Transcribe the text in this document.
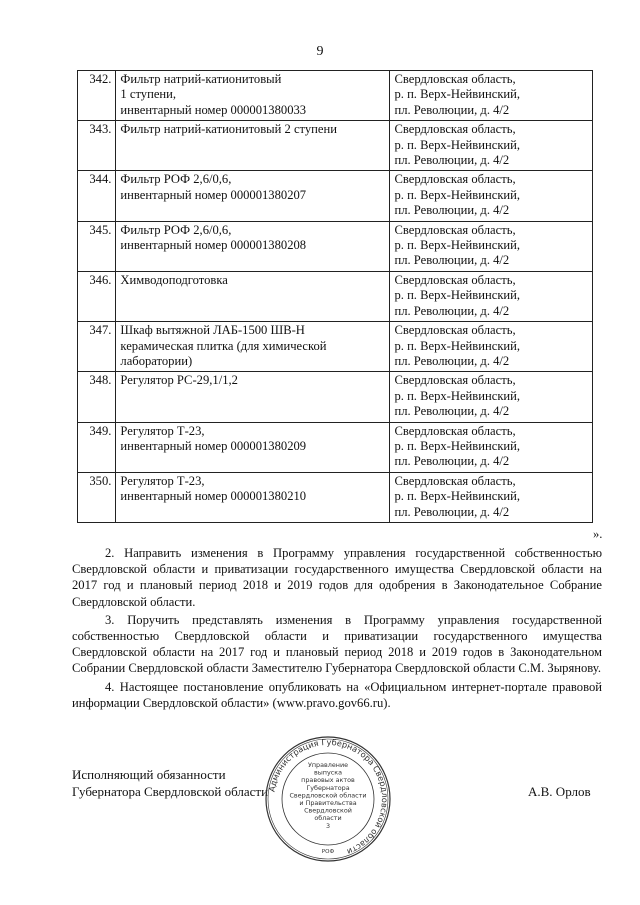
9
342.	Фильтр натрий-катионитовый
1 ступени,
инвентарный номер 000001380033	Свердловская область,
р. п. Верх-Нейвинский,
пл. Революции, д. 4/2

343.	Фильтр натрий-катионитовый 2 ступени	Свердловская область,
р. п. Верх-Нейвинский,
пл. Революции, д. 4/2

344.	Фильтр РОФ 2,6/0,6,
инвентарный номер 000001380207	Свердловская область,
р. п. Верх-Нейвинский,
пл. Революции, д. 4/2

345.	Фильтр РОФ 2,6/0,6,
инвентарный номер 000001380208	Свердловская область,
р. п. Верх-Нейвинский,
пл. Революции, д. 4/2

346.	Химводоподготовка	Свердловская область,
р. п. Верх-Нейвинский,
пл. Революции, д. 4/2

347.	Шкаф вытяжной ЛАБ-1500 ШВ-Н
керамическая плитка (для химической
лаборатории)	Свердловская область,
р. п. Верх-Нейвинский,
пл. Революции, д. 4/2

348.	Регулятор РС-29,1/1,2	Свердловская область,
р. п. Верх-Нейвинский,
пл. Революции, д. 4/2

349.	Регулятор Т-23,
инвентарный номер 000001380209	Свердловская область,
р. п. Верх-Нейвинский,
пл. Революции, д. 4/2

350.	Регулятор Т-23,
инвентарный номер 000001380210	Свердловская область,
р. п. Верх-Нейвинский,
пл. Революции, д. 4/2
».

2. Направить изменения в Программу управления государственной собственностью Свердловской области и приватизации государственного имущества Свердловской области на 2017 год и плановый период 2018 и 2019 годов для одобрения в Законодательное Собрание Свердловской области.

3. Поручить представлять изменения в Программу управления государственной собственностью Свердловской области и приватизации государственного имущества Свердловской области на 2017 год и плановый период 2018 и 2019 годов в Законодательном Собрании Свердловской области Заместителю Губернатора Свердловской области С.М. Зырянову.

4. Настоящее постановление опубликовать на «Официальном интернет-портале правовой информации Свердловской области» (www.pravo.gov66.ru).

Исполняющий обязанности
Губернатора Свердловской области	А.В. Орлов
Администрация Губернатора Свердловской области
Управление
выпуска
правовых актов
Губернатора
Свердловской области
и Правительства
Свердловской
области
3
РОФ
